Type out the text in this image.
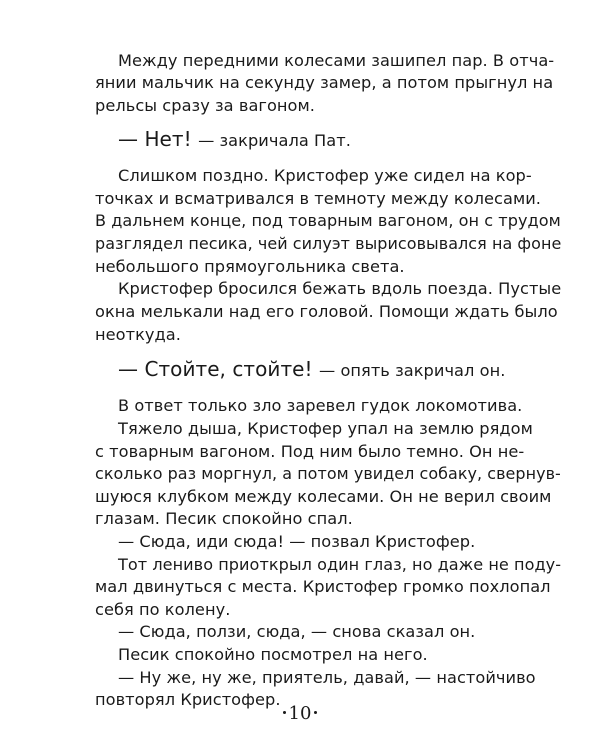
Между передними колесами зашипел пар. В отча-
янии мальчик на секунду замер, а потом прыгнул на
рельсы сразу за вагоном.
— Нет! — закричала Пат.
Слишком поздно. Кристофер уже сидел на кор-
точках и всматривался в темноту между колесами.
В дальнем конце, под товарным вагоном, он с трудом
разглядел песика, чей силуэт вырисовывался на фоне
небольшого прямоугольника света.
Кристофер бросился бежать вдоль поезда. Пустые
окна мелькали над его головой. Помощи ждать было
неоткуда.
— Стойте, стойте! — опять закричал он.
В ответ только зло заревел гудок локомотива.
Тяжело дыша, Кристофер упал на землю рядом
с товарным вагоном. Под ним было темно. Он не-
сколько раз моргнул, а потом увидел собаку, свернув-
шуюся клубком между колесами. Он не верил своим
глазам. Песик спокойно спал.
— Сюда, иди сюда! — позвал Кристофер.
Тот лениво приоткрыл один глаз, но даже не поду-
мал двинуться с места. Кристофер громко похлопал
себя по колену.
— Сюда, ползи, сюда, — снова сказал он.
Песик спокойно посмотрел на него.
— Ну же, ну же, приятель, давай, — настойчиво
повторял Кристофер.
10
